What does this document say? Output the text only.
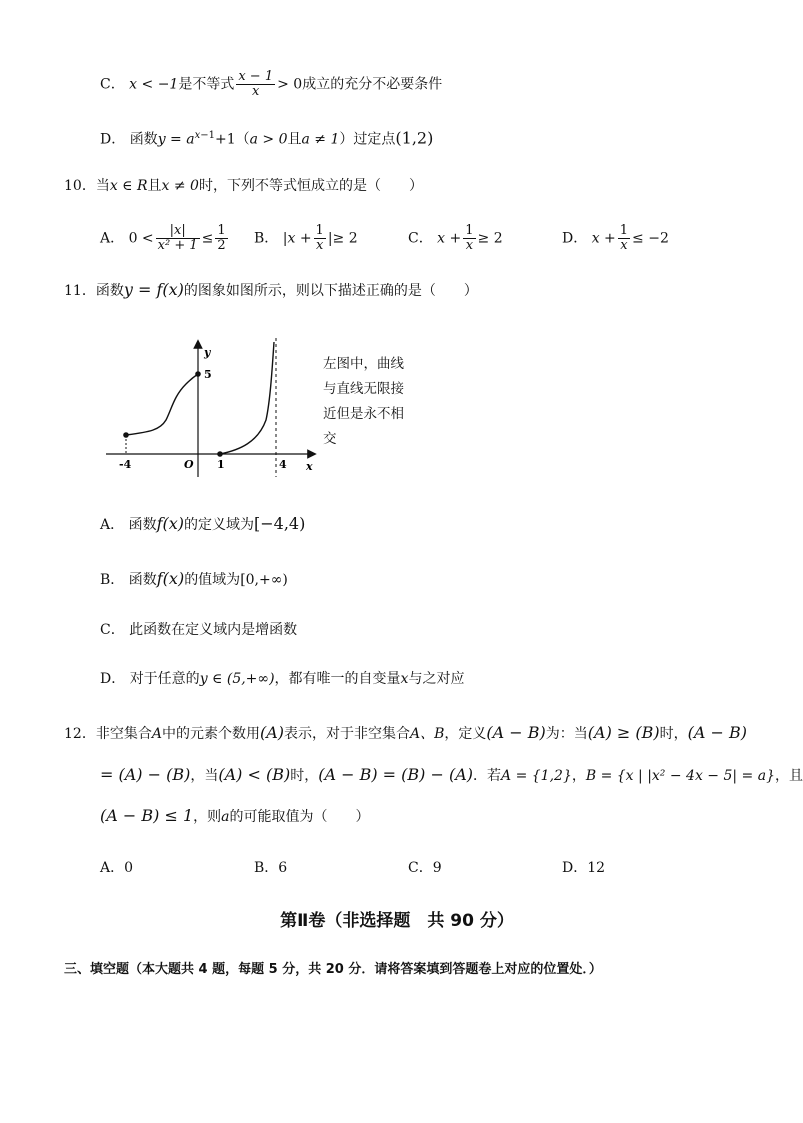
C． x < −1是不等式 $\frac{x - 1}{x} > 0$成立的充分不必要条件
D． 函数$y = a^{x-1}+1(a > 0$且a ≠ 1）过定点(1,2)
10．当x ∈ R且x ≠ 0时，下列不等式恒成立的是（　　）
A． $0 < \frac{|x|}{\text{x² + 1}} \le \frac{1}{2}$ B． $|x + \frac{1}{x}$ |≥ 2	C． $x + \frac{1}{x} \ge 2$	D． $x + \frac{1}{x} \le -2$
11．函数y = f(x)的图象如图所示，则以下描述正确的是（　　）
y
5
-4	O 1	4 x
左图中，曲线与直线无限接近但是永不相交
A． 函数f(x)的定义域为[−4,4)
B． 函数f(x)的值域为[0,+∞)
C． 此函数在定义域内是增函数
D． 对于任意的y ∈ (5,+∞)，都有唯一的自变量x与之对应
12．非空集合A中的元素个数用(A)表示，对于非空集合A、B，定义(A − B)为：当(A) ≥ (B)时，(A − B)
= (A) − (B)，当(A) < (B)时，(A − B) = (B) − (A)．若A = {1,2}，B = {x | |x² − 4x − 5| = a}，且
(A − B) ≤ 1，则a的可能取值为（　　）
A．0	B．6	C．9	D．12
第Ⅱ卷（非选择题　共 90 分）
三、填空题（本大题共 4 题，每题 5 分，共 20 分．请将答案填到答题卷上对应的位置处．）
